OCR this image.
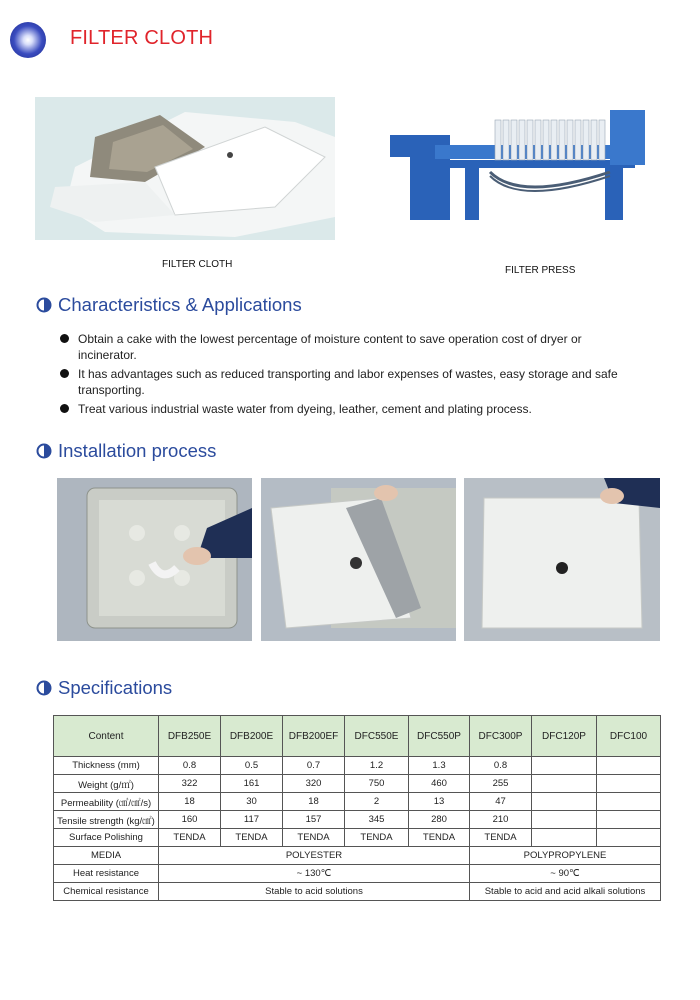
FILTER CLOTH
FILTER CLOTH
FILTER PRESS
Characteristics & Applications
Obtain a cake with the lowest percentage of moisture content to save operation cost of dryer or incinerator.
It has advantages such as reduced transporting and labor expenses of wastes, easy storage and safe transporting.
Treat various industrial waste water from dyeing, leather, cement and plating process.
Installation process
Specifications
Content	DFB250E	DFB200E	DFB200EF	DFC550E	DFC550P	DFC300P	DFC120P	DFC100
Thickness (mm)	0.8	0.5	0.7	1.2	1.3	0.8		
Weight (g/㎡)	322	161	320	750	460	255		
Permeability (㎤/㎠/s)	18	30	18	2	13	47		
Tensile strength (kg/㎠)	160	117	157	345	280	210		
Surface Polishing	TENDA	TENDA	TENDA	TENDA	TENDA	TENDA		
MEDIA	POLYESTER					POLYPROPYLENE		
Heat resistance	~ 130℃					~ 90℃		
Chemical resistance	Stable to acid solutions					Stable to acid and acid alkali solutions		
